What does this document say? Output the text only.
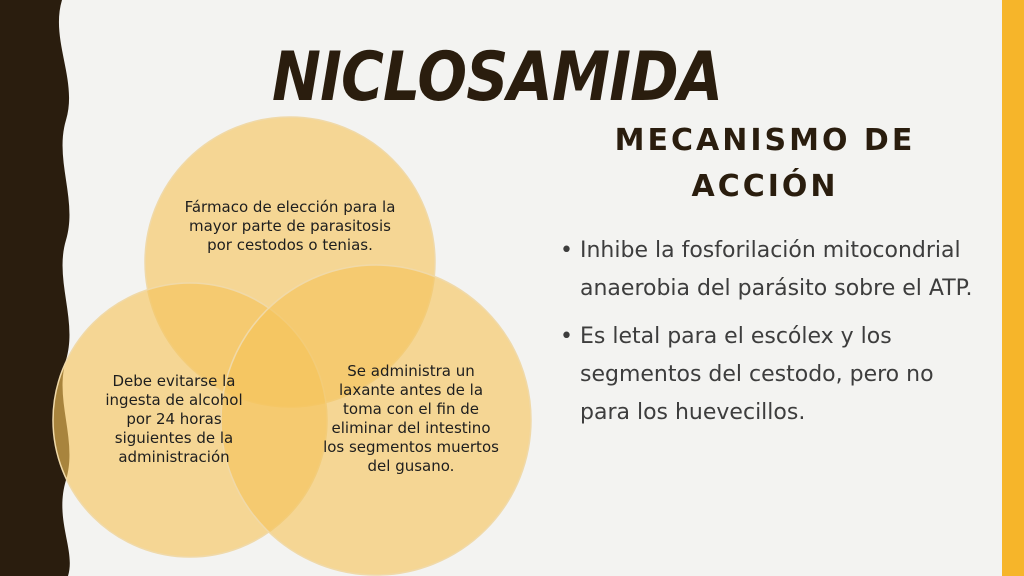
NICLOSAMIDA
MECANISMO DE
ACCIÓN
• Inhibe la fosforilación mitocondrial anaerobia del parásito sobre el ATP.
• Es letal para el escólex y los segmentos del cestodo, pero no para los huevecillos.
Fármaco de elección para la mayor parte de parasitosis por cestodos o tenias.
Debe evitarse la ingesta de alcohol por 24 horas siguientes de la administración
Se administra un laxante antes de la toma con el fin de eliminar del intestino los segmentos muertos del gusano.
